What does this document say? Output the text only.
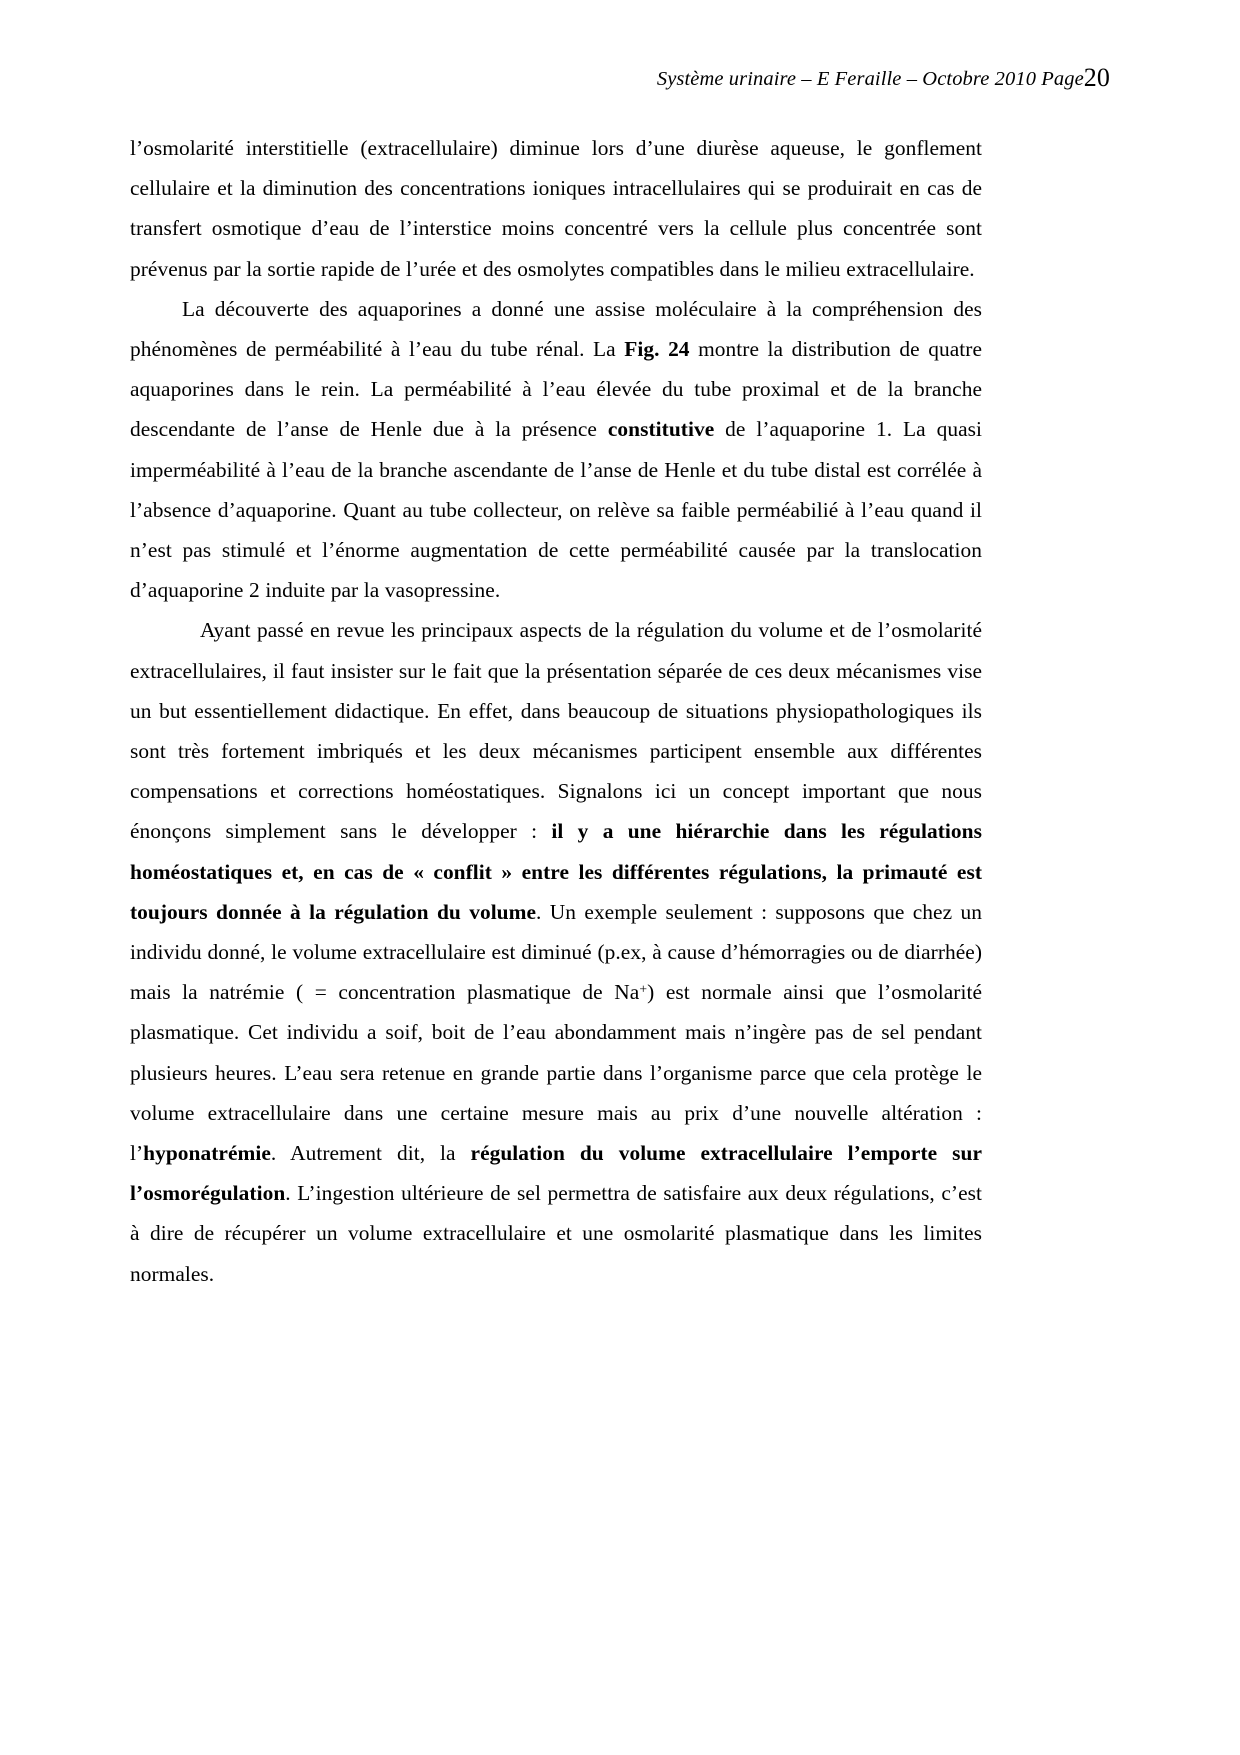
Système urinaire – E Feraille – Octobre 2010 Page20

l’osmolarité interstitielle (extracellulaire) diminue lors d’une diurèse aqueuse, le gonflement cellulaire et la diminution des concentrations ioniques intracellulaires qui se produirait en cas de transfert osmotique d’eau de l’interstice moins concentré vers la cellule plus concentrée sont prévenus par la sortie rapide de l’urée et des osmolytes compatibles dans le milieu extracellulaire.

La découverte des aquaporines a donné une assise moléculaire à la compréhension des phénomènes de perméabilité à l’eau du tube rénal. La Fig. 24 montre la distribution de quatre aquaporines dans le rein. La perméabilité à l’eau élevée du tube proximal et de la branche descendante de l’anse de Henle due à la présence constitutive de l’aquaporine 1. La quasi imperméabilité à l’eau de la branche ascendante de l’anse de Henle et du tube distal est corrélée à l’absence d’aquaporine. Quant au tube collecteur, on relève sa faible perméabilié à l’eau quand il n’est pas stimulé et l’énorme augmentation de cette perméabilité causée par la translocation d’aquaporine 2 induite par la vasopressine.

Ayant passé en revue les principaux aspects de la régulation du volume et de l’osmolarité extracellulaires, il faut insister sur le fait que la présentation séparée de ces deux mécanismes vise un but essentiellement didactique. En effet, dans beaucoup de situations physiopathologiques ils sont très fortement imbriqués et les deux mécanismes participent ensemble aux différentes compensations et corrections homéostatiques. Signalons ici un concept important que nous énonçons simplement sans le développer : il y a une hiérarchie dans les régulations homéostatiques et, en cas de « conflit » entre les différentes régulations, la primauté est toujours donnée à la régulation du volume. Un exemple seulement : supposons que chez un individu donné, le volume extracellulaire est diminué (p.ex, à cause d’hémorragies ou de diarrhée) mais la natrémie ( = concentration plasmatique de Na+) est normale ainsi que l’osmolarité plasmatique. Cet individu a soif, boit de l’eau abondamment mais n’ingère pas de sel pendant plusieurs heures. L’eau sera retenue en grande partie dans l’organisme parce que cela protège le volume extracellulaire dans une certaine mesure mais au prix d’une nouvelle altération : l’hyponatrémie. Autrement dit, la régulation du volume extracellulaire l’emporte sur l’osmorégulation. L’ingestion ultérieure de sel permettra de satisfaire aux deux régulations, c’est à dire de récupérer un volume extracellulaire et une osmolarité plasmatique dans les limites normales.
